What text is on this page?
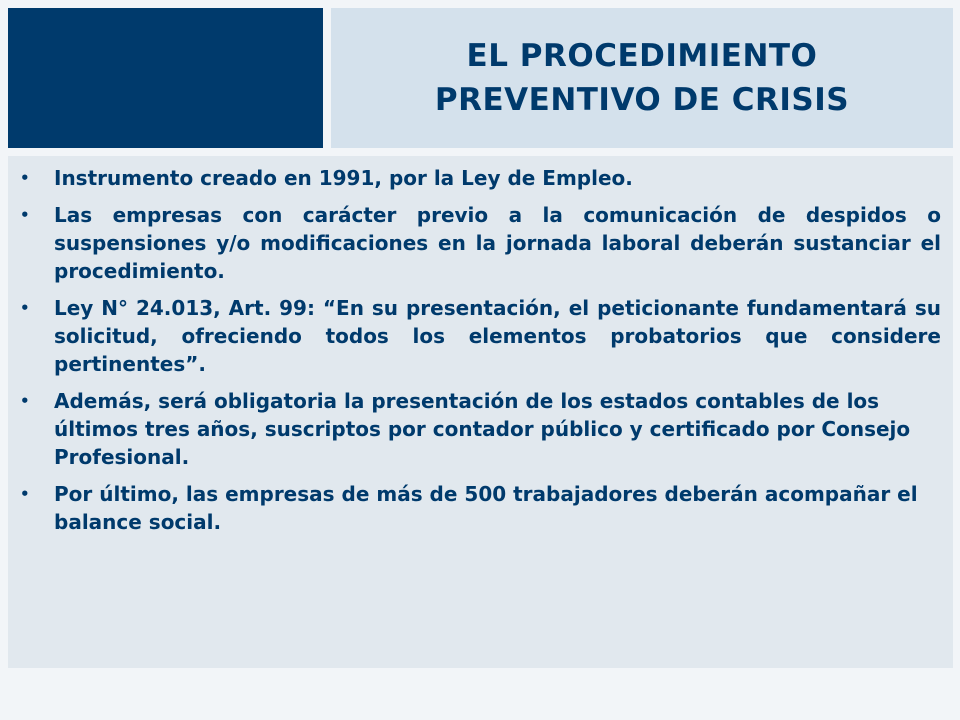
EL PROCEDIMIENTO
PREVENTIVO DE CRISIS
• Instrumento creado en 1991, por la Ley de Empleo.
• Las empresas con carácter previo a la comunicación de despidos o suspensiones y/o modificaciones en la jornada laboral deberán sustanciar el procedimiento.
• Ley N° 24.013, Art. 99: “En su presentación, el peticionante fundamentará su solicitud, ofreciendo todos los elementos probatorios que considere pertinentes”.
• Además, será obligatoria la presentación de los estados contables de los últimos tres años, suscriptos por contador público y certificado por Consejo Profesional.
• Por último, las empresas de más de 500 trabajadores deberán acompañar el balance social.
